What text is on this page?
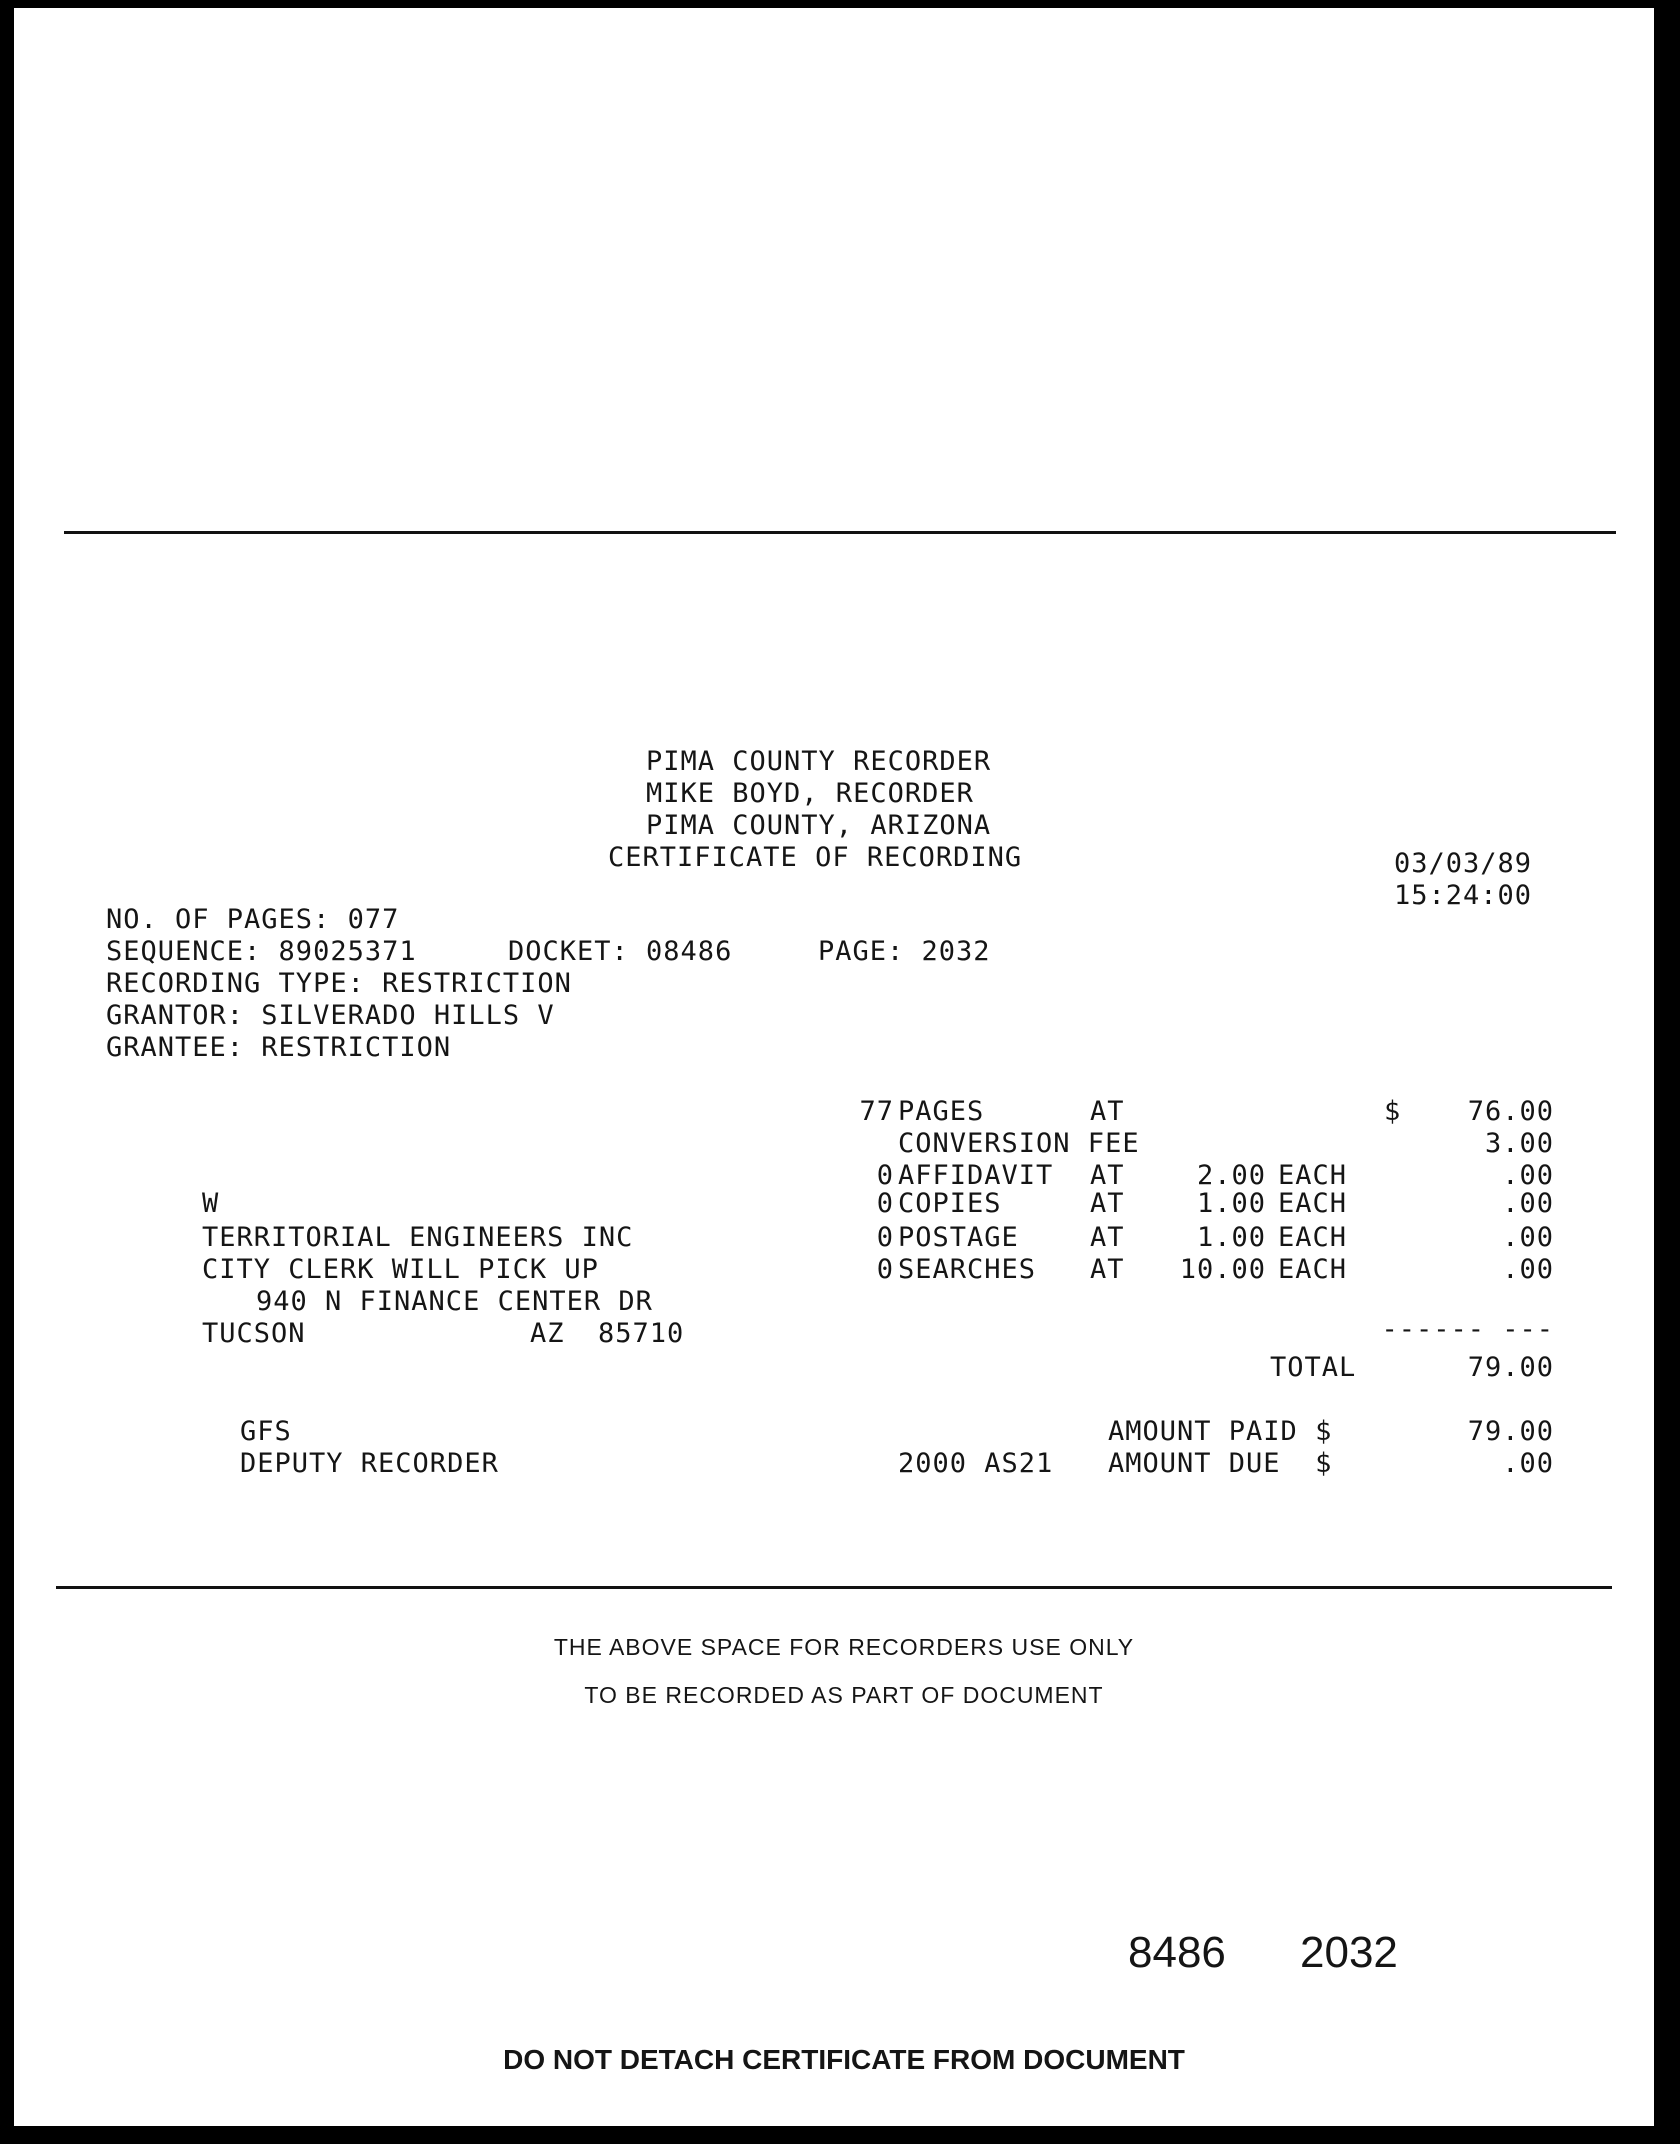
PIMA COUNTY RECORDER
MIKE BOYD, RECORDER
PIMA COUNTY, ARIZONA
CERTIFICATE OF RECORDING	03/03/89
15:24:00
NO. OF PAGES: 077
SEQUENCE: 89025371	DOCKET: 08486	PAGE: 2032
RECORDING TYPE: RESTRICTION
GRANTOR: SILVERADO HILLS V
GRANTEE: RESTRICTION
77 PAGES	AT	$	76.00
CONVERSION FEE	3.00
0 AFFIDAVIT AT	2.00 EACH	.00
0 COPIES	AT	1.00 EACH	.00
0 POSTAGE	AT	1.00 EACH	.00
0 SEARCHES AT	10.00 EACH	.00
W
TERRITORIAL ENGINEERS INC
CITY CLERK WILL PICK UP
940 N FINANCE CENTER DR
TUCSON	AZ 85710	------ ---
TOTAL	79.00
GFS
DEPUTY RECORDER
AMOUNT PAID $	79.00
2000 AS21 AMOUNT DUE  $	.00
THE ABOVE SPACE FOR RECORDERS USE ONLY
TO BE RECORDED AS PART OF DOCUMENT
8486 2032
DO NOT DETACH CERTIFICATE FROM DOCUMENT
